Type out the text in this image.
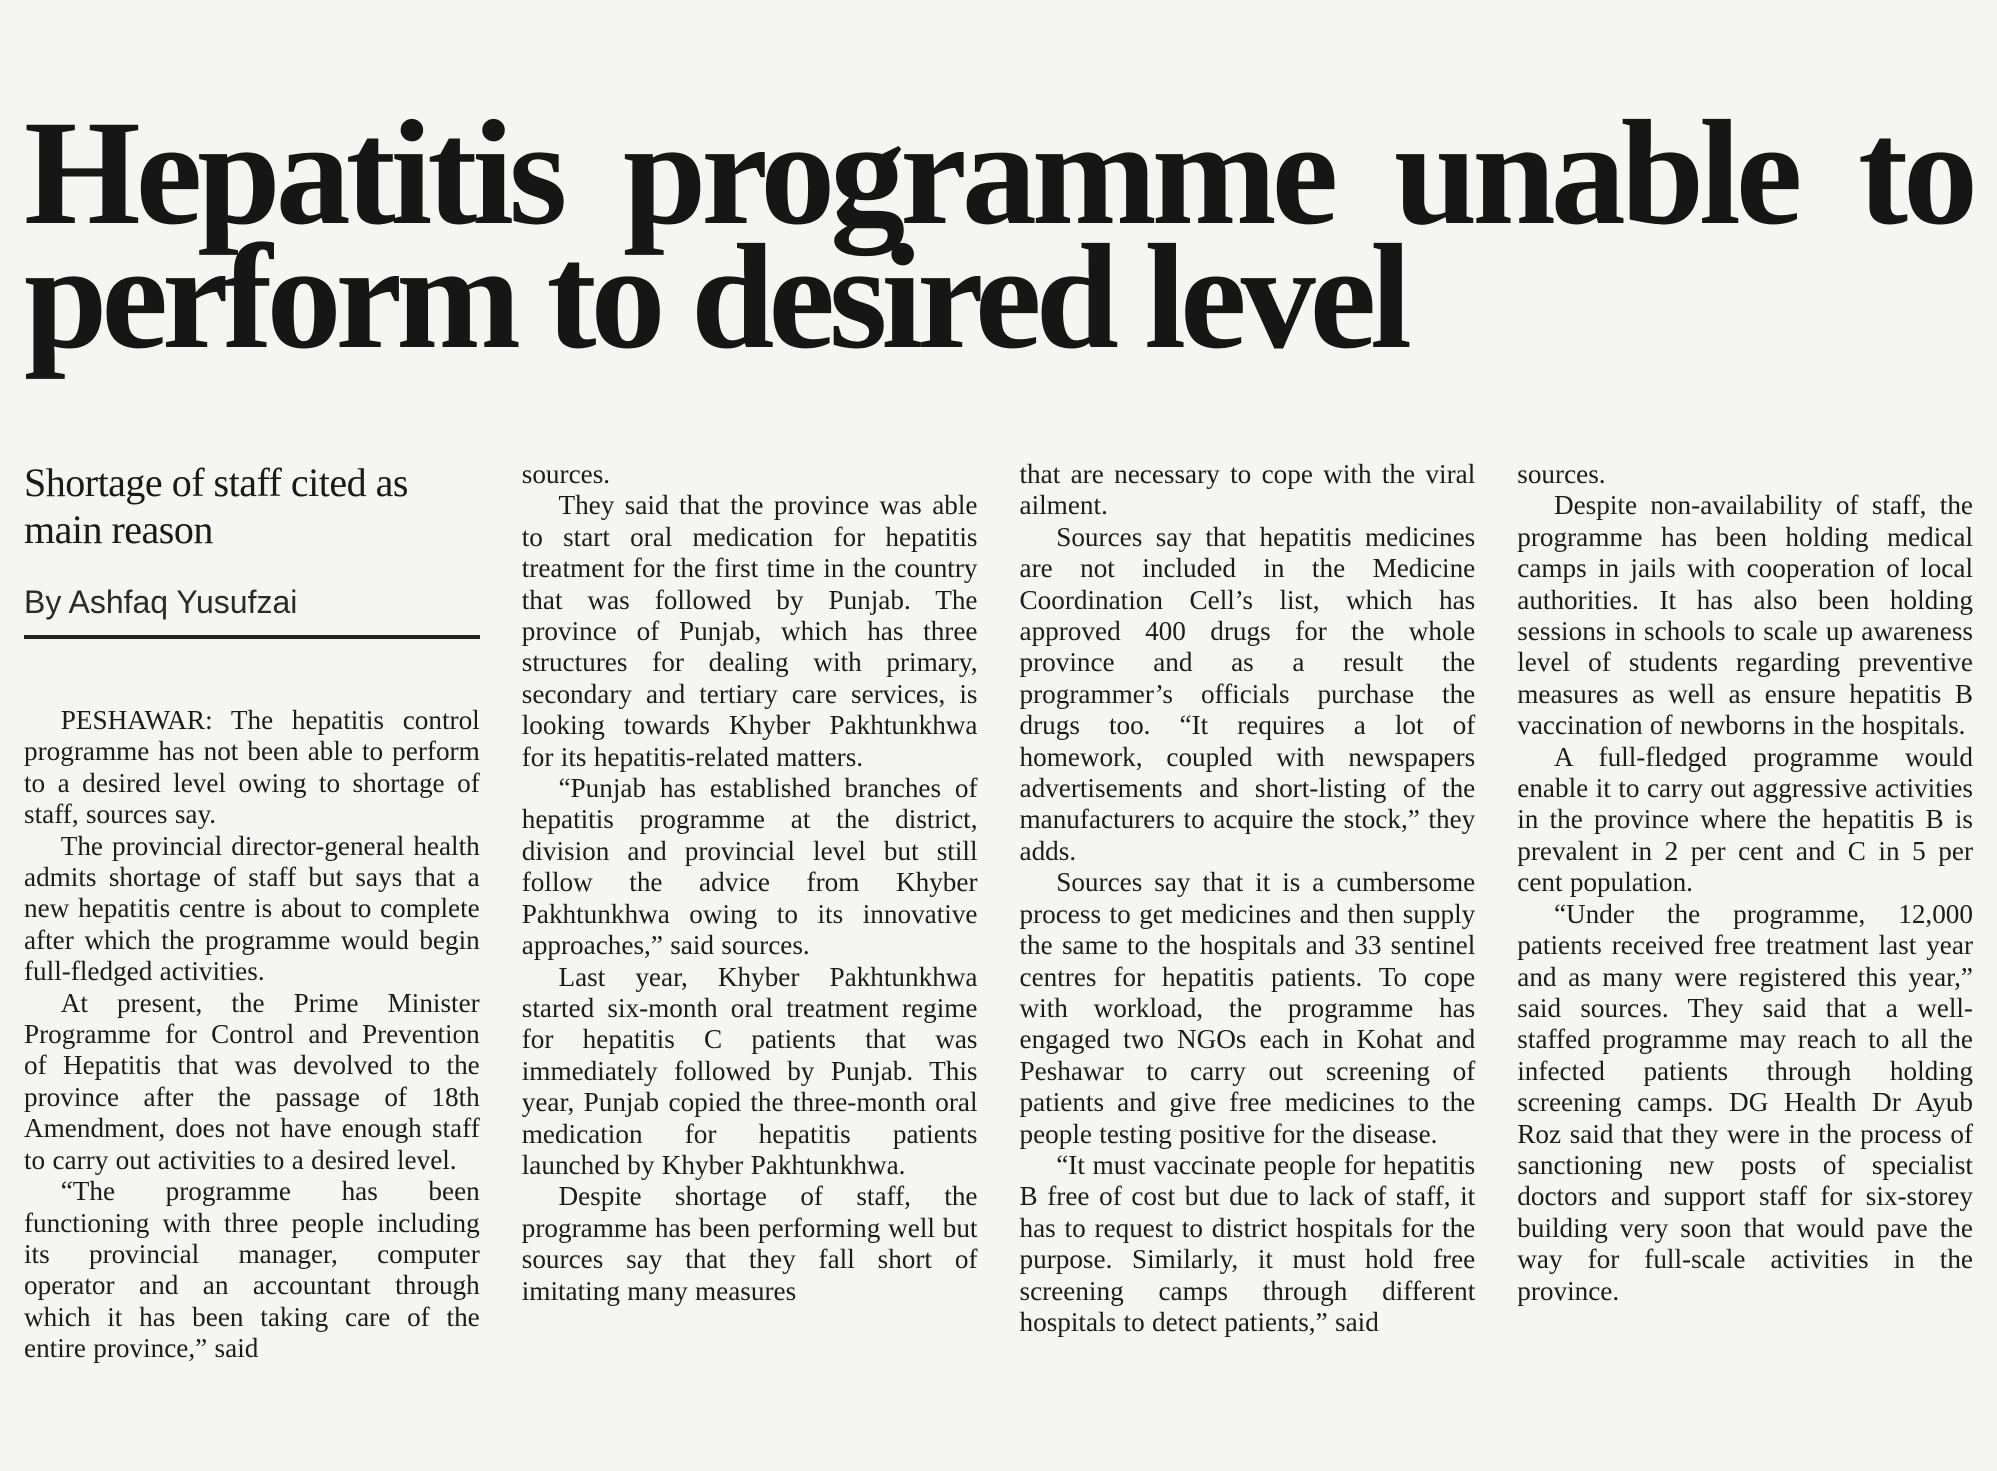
Hepatitis programme unable to
perform to desired level
Shortage of staff cited as main reason

By Ashfaq Yusufzai

PESHAWAR: The hepatitis control programme has not been able to perform to a desired level owing to shortage of staff, sources say.

The provincial director-general health admits shortage of staff but says that a new hepatitis centre is about to complete after which the programme would begin full-fledged activities.

At present, the Prime Minister Programme for Control and Prevention of Hepatitis that was devolved to the province after the passage of 18th Amendment, does not have enough staff to carry out activities to a desired level.

“The programme has been functioning with three people including its provincial manager, computer operator and an accountant through which it has been taking care of the entire province,” said

sources.

They said that the province was able to start oral medication for hepatitis treatment for the first time in the country that was followed by Punjab. The province of Punjab, which has three structures for dealing with primary, secondary and tertiary care services, is looking towards Khyber Pakhtunkhwa for its hepatitis-related matters.

“Punjab has established branches of hepatitis programme at the district, division and provincial level but still follow the advice from Khyber Pakhtunkhwa owing to its innovative approaches,” said sources.

Last year, Khyber Pakhtunkhwa started six-month oral treatment regime for hepatitis C patients that was immediately followed by Punjab. This year, Punjab copied the three-month oral medication for hepatitis patients launched by Khyber Pakhtunkhwa.

Despite shortage of staff, the programme has been performing well but sources say that they fall short of imitating many measures

that are necessary to cope with the viral ailment.

Sources say that hepatitis medicines are not included in the Medicine Coordination Cell’s list, which has approved 400 drugs for the whole province and as a result the programmer’s officials purchase the drugs too. “It requires a lot of homework, coupled with newspapers advertisements and short-listing of the manufacturers to acquire the stock,” they adds.

Sources say that it is a cumbersome process to get medicines and then supply the same to the hospitals and 33 sentinel centres for hepatitis patients. To cope with workload, the programme has engaged two NGOs each in Kohat and Peshawar to carry out screening of patients and give free medicines to the people testing positive for the disease.

“It must vaccinate people for hepatitis B free of cost but due to lack of staff, it has to request to district hospitals for the purpose. Similarly, it must hold free screening camps through different hospitals to detect patients,” said

sources.

Despite non-availability of staff, the programme has been holding medical camps in jails with cooperation of local authorities. It has also been holding sessions in schools to scale up awareness level of students regarding preventive measures as well as ensure hepatitis B vaccination of newborns in the hospitals.

A full-fledged programme would enable it to carry out aggressive activities in the province where the hepatitis B is prevalent in 2 per cent and C in 5 per cent population.

“Under the programme, 12,000 patients received free treatment last year and as many were registered this year,” said sources. They said that a well-staffed programme may reach to all the infected patients through holding screening camps. DG Health Dr Ayub Roz said that they were in the process of sanctioning new posts of specialist doctors and support staff for six-storey building very soon that would pave the way for full-scale activities in the province.
